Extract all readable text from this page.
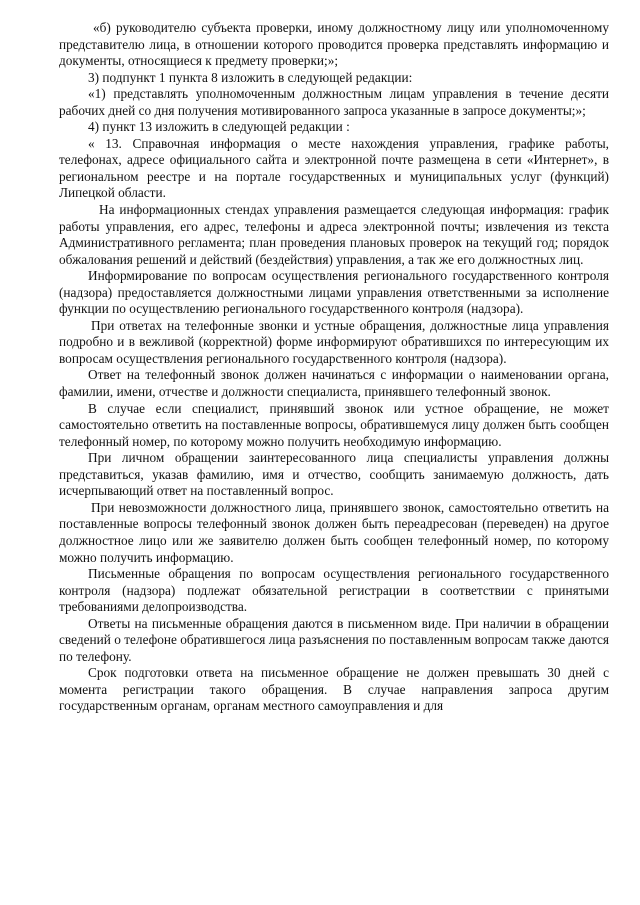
«б) руководителю субъекта проверки, иному должностному лицу или уполномоченному представителю лица, в отношении которого проводится проверка представлять информацию и документы, относящиеся к предмету проверки;»;

3) подпункт 1 пункта 8 изложить в следующей редакции:

«1) представлять уполномоченным должностным лицам управления в течение десяти рабочих дней со дня получения мотивированного запроса указанные в запросе документы;»;

4) пункт 13 изложить в следующей редакции :

« 13. Справочная информация о месте нахождения управления, графике работы, телефонах, адресе официального сайта и электронной почте размещена в сети «Интернет», в региональном реестре и на портале государственных и муниципальных услуг (функций) Липецкой области.

На информационных стендах управления размещается следующая информация: график работы управления, его адрес, телефоны и адреса электронной почты; извлечения из текста Административного регламента; план проведения плановых проверок на текущий год; порядок обжалования решений и действий (бездействия) управления, а так же его должностных лиц.

Информирование по вопросам осуществления регионального государственного контроля (надзора) предоставляется должностными лицами управления ответственными за исполнение функции по осуществлению регионального государственного контроля (надзора).

При ответах на телефонные звонки и устные обращения, должностные лица управления подробно и в вежливой (корректной) форме информируют обратившихся по интересующим их вопросам осуществления регионального государственного контроля (надзора).

Ответ на телефонный звонок должен начинаться с информации о наименовании органа, фамилии, имени, отчестве и должности специалиста, принявшего телефонный звонок.

В случае если специалист, принявший звонок или устное обращение, не может самостоятельно ответить на поставленные вопросы, обратившемуся лицу должен быть сообщен телефонный номер, по которому можно получить необходимую информацию.

При личном обращении заинтересованного лица специалисты управления должны представиться, указав фамилию, имя и отчество, сообщить занимаемую должность, дать исчерпывающий ответ на поставленный вопрос.

При невозможности должностного лица, принявшего звонок, самостоятельно ответить на поставленные вопросы телефонный звонок должен быть переадресован (переведен) на другое должностное лицо или же заявителю должен быть сообщен телефонный номер, по которому можно получить информацию.

Письменные обращения по вопросам осуществления регионального государственного контроля (надзора) подлежат обязательной регистрации в соответствии с принятыми требованиями делопроизводства.

Ответы на письменные обращения даются в письменном виде. При наличии в обращении сведений о телефоне обратившегося лица разъяснения по поставленным вопросам также даются по телефону.

Срок подготовки ответа на письменное обращение не должен превышать 30 дней с момента регистрации такого обращения. В случае направления запроса другим государственным органам, органам местного самоуправления и для
